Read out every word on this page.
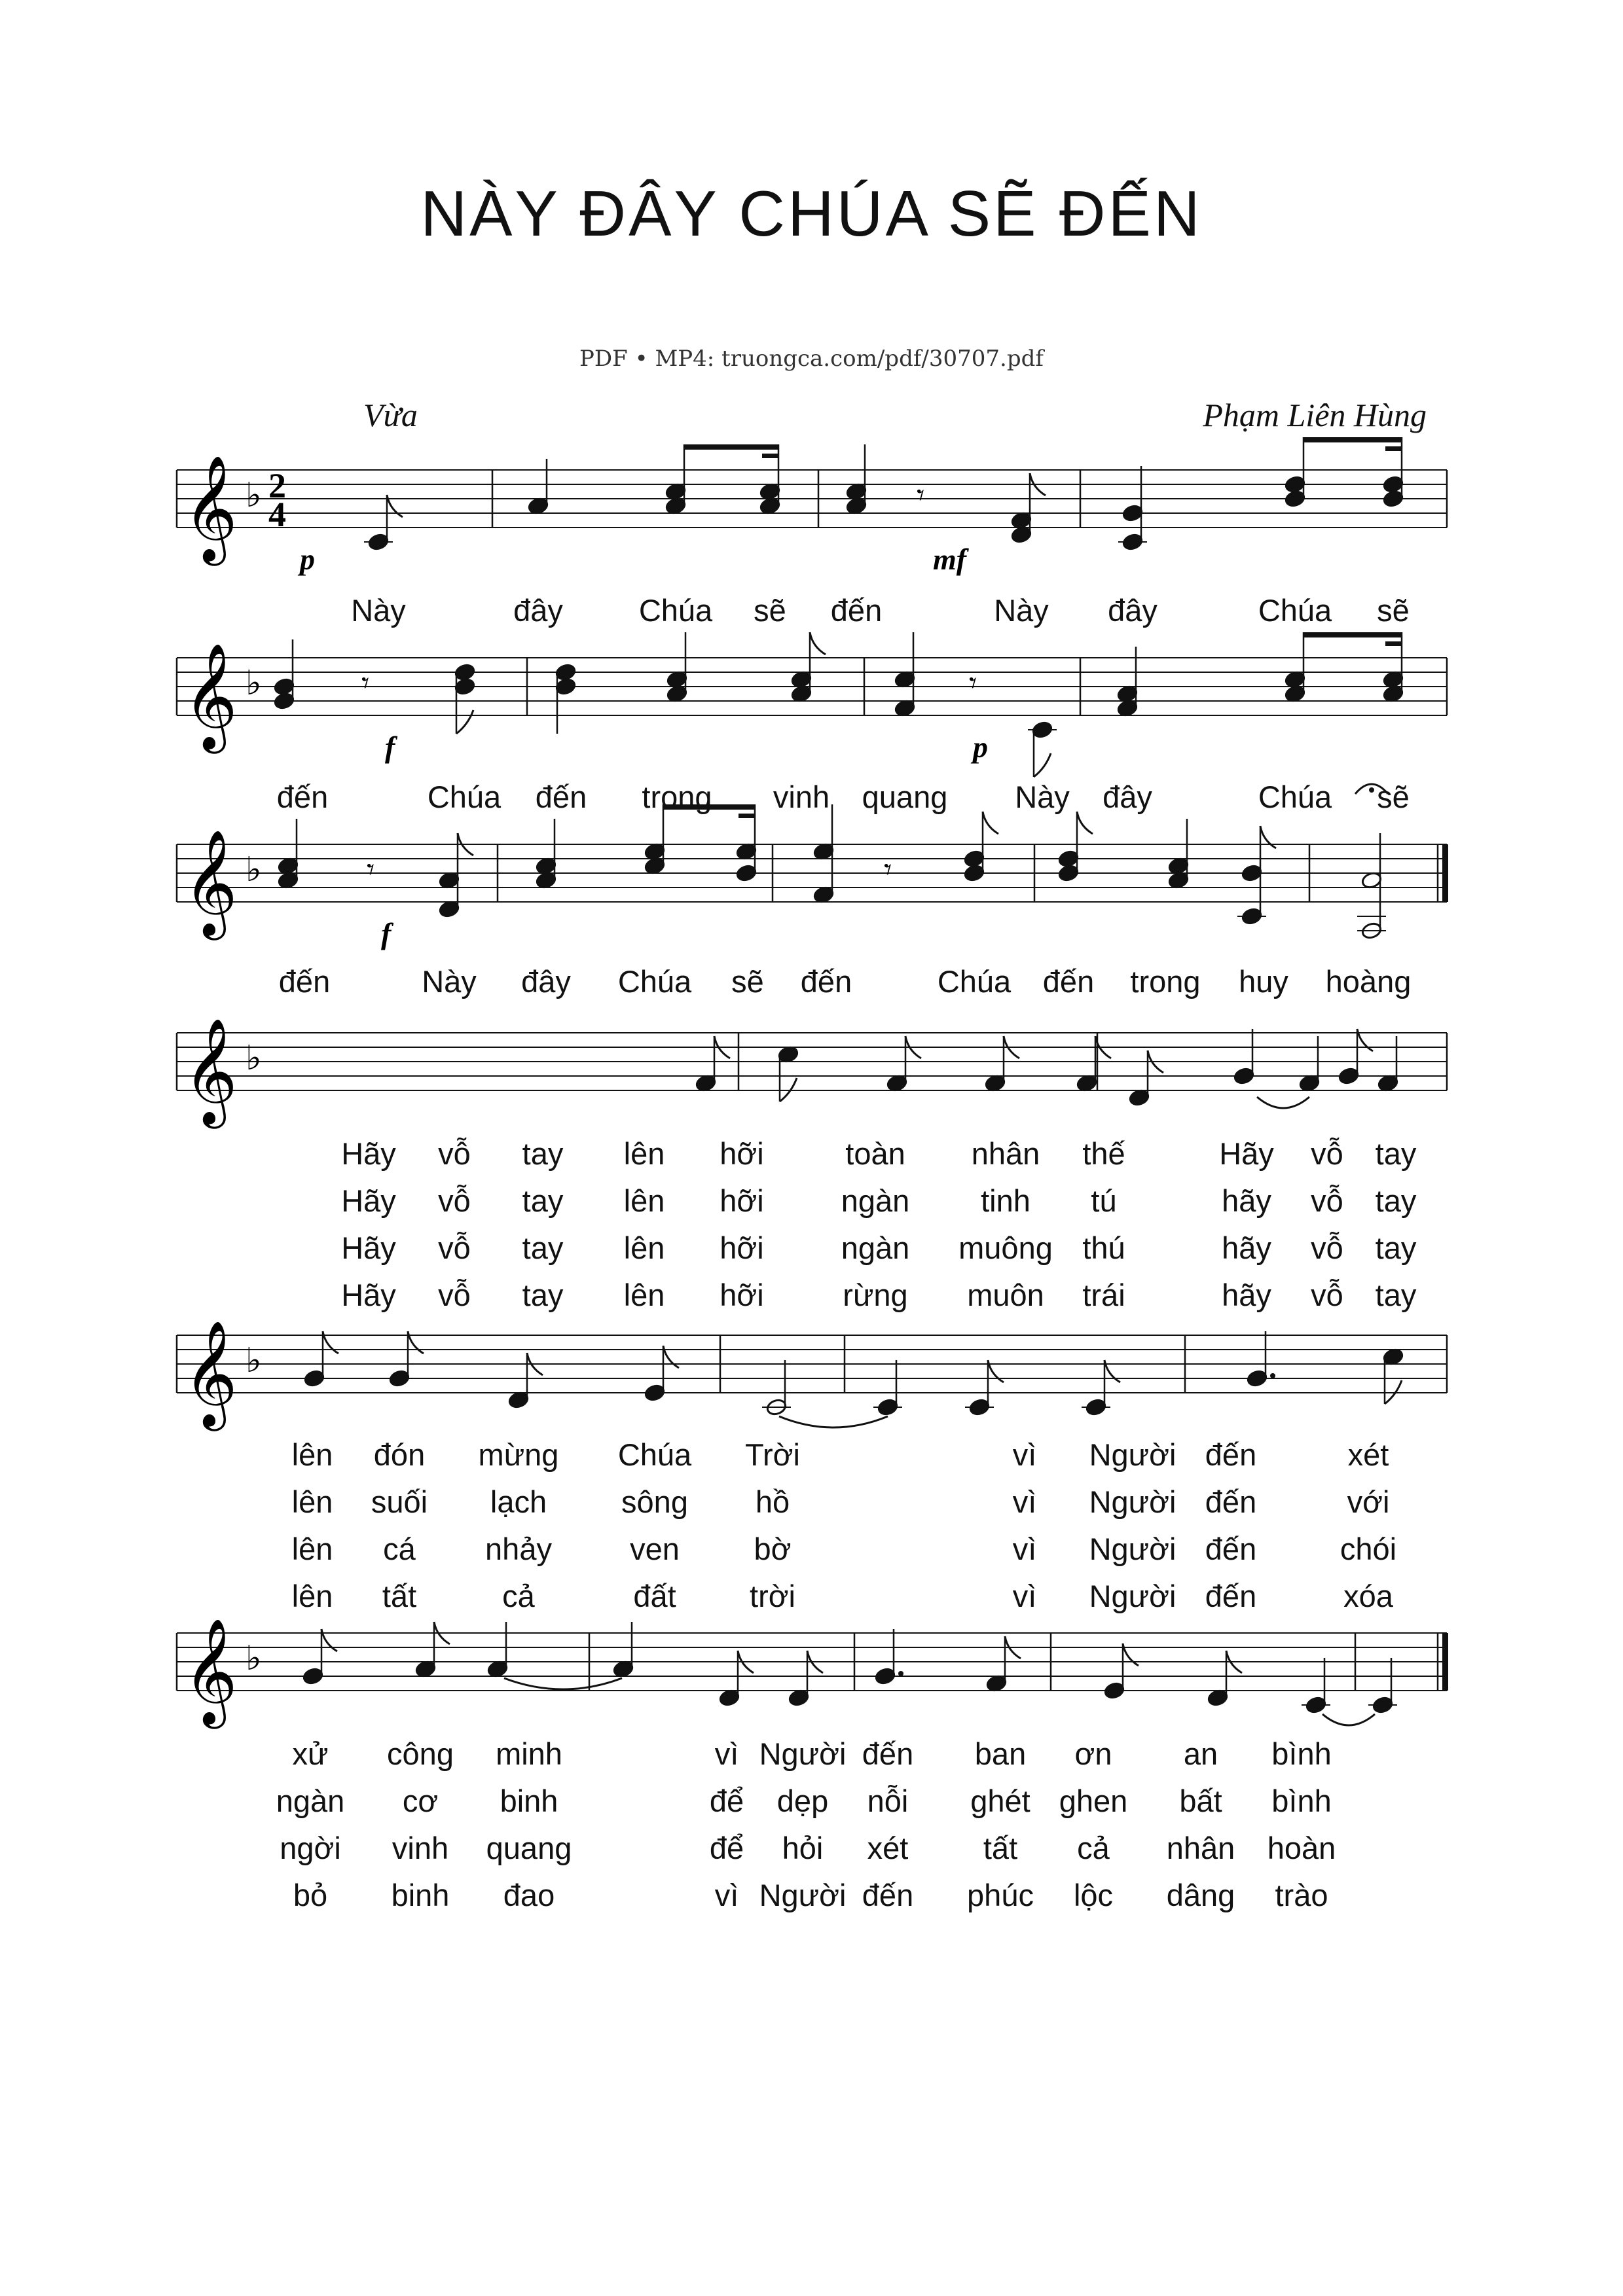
NÀY ĐÂY CHÚA SẼ ĐẾN
PDF • MP4: truongca.com/pdf/30707.pdf
Vừa	Phạm Liên Hùng
𝄞 ♭ 2
4
p
𝄾
mf
𝄞 ♭	𝄾
f
𝄾
p
𝄞 ♭	𝄾
f
𝄾
𝄞 ♭
𝄞 ♭
𝄞 ♭
Này	đây Chúa sẽ đến	Này đây	Chúa sẽ
đến	Chúa đến trong vinh quang Này đây	Chúa sẽ
đến	Này đây Chúa sẽ đến	Chúa đến trong huy hoàng
Hãy vỗ tay lên hỡi	toàn nhân thế	Hãy vỗ tay
Hãy vỗ tay lên hỡi	ngàn tinh tú	hãy vỗ tay
Hãy vỗ tay lên hỡi	ngàn muông thú	hãy vỗ tay
Hãy vỗ tay lên hỡi	rừng muôn trái	hãy vỗ tay
lên đón mừng Chúa Trời	vì Người đến	xét
lên suối lạch sông hồ	vì Người đến	với
lên cá nhảy	ven bờ	vì Người đến	chói
lên tất	cả	đất trời	vì Người đến	xóa
xử công minh	vì Người đến ban ơn an bình
ngàn cơ binh	để dẹp nỗi ghét ghen bất bình
ngời vinh quang	để hỏi xét tất cả nhân hoàn
bỏ binh đao	vì Người đến phúc lộc dâng trào
